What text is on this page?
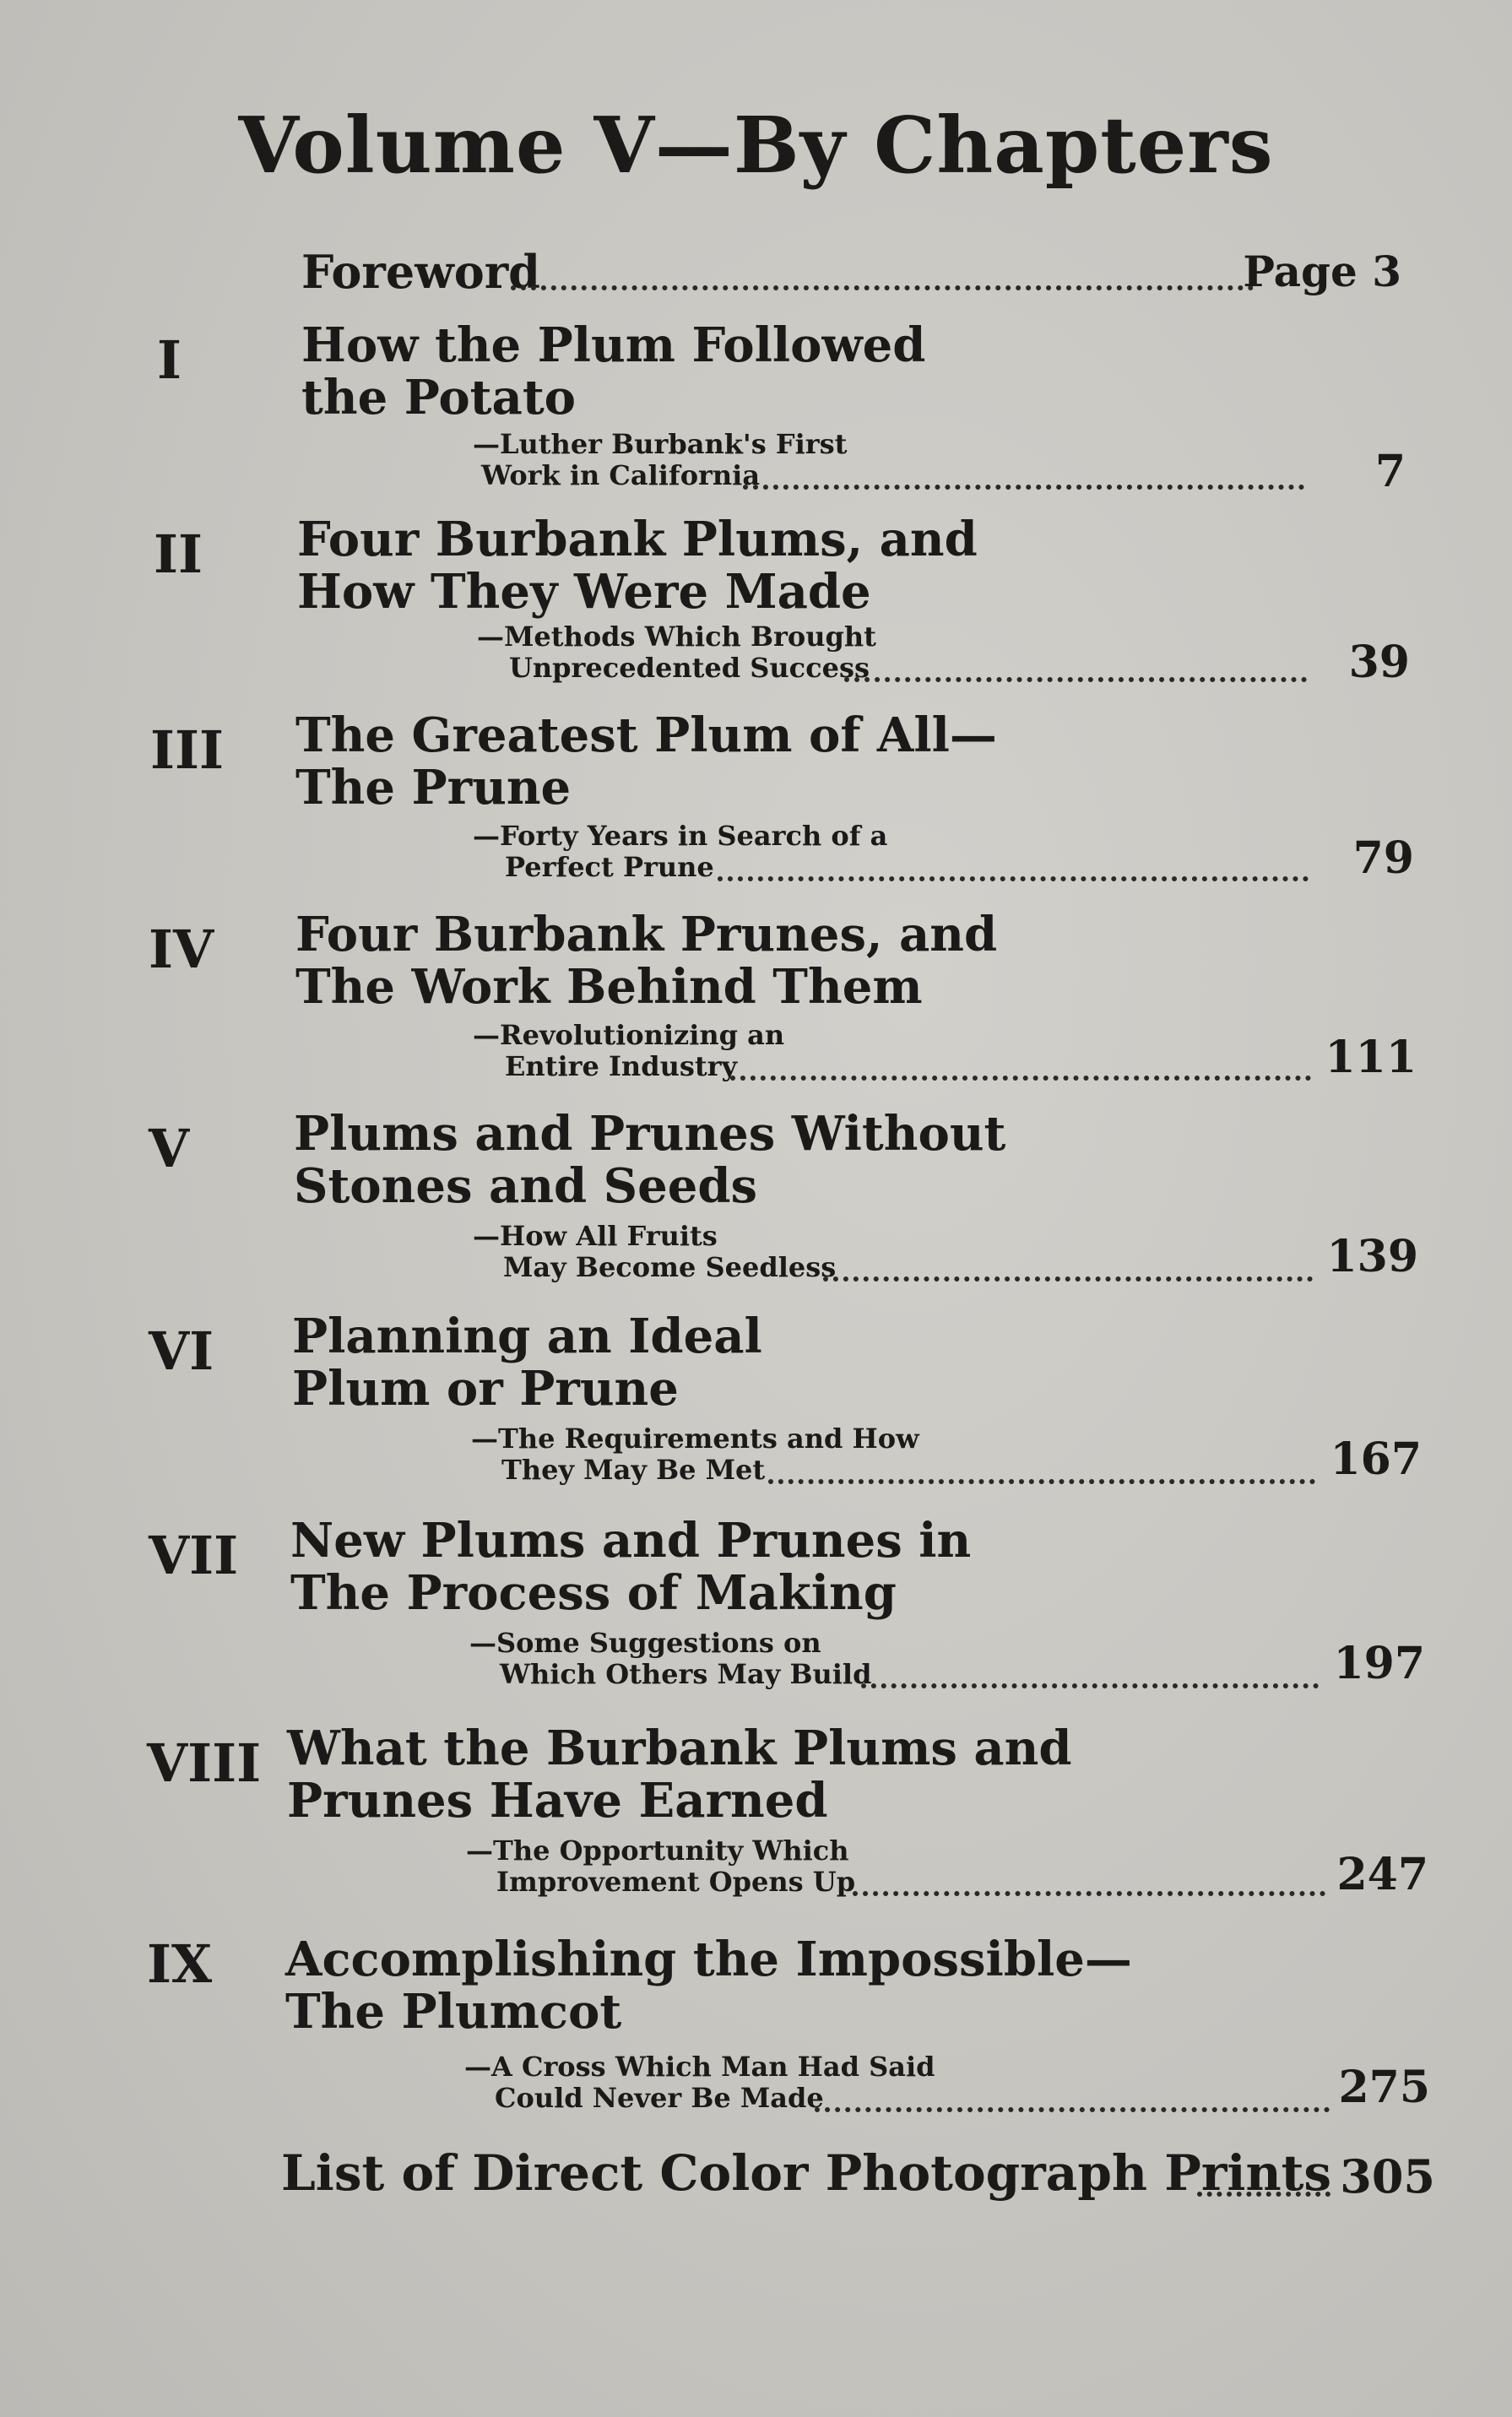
Volume V—By Chapters
Foreword	Page 3
I	How the Plum Followed
the Potato
—Luther Burbank's First
Work in California	7
II Four Burbank Plums, and
How They Were Made
—Methods Which Brought
Unprecedented Success	39
III The Greatest Plum of All—
The Prune
—Forty Years in Search of a
Perfect Prune	79
IV Four Burbank Prunes, and
The Work Behind Them
—Revolutionizing an
Entire Industry	111
V Plums and Prunes Without
Stones and Seeds
—How All Fruits
May Become Seedless	139
VI Planning an Ideal
Plum or Prune
—The Requirements and How
They May Be Met	167
VII New Plums and Prunes in
The Process of Making
—Some Suggestions on
Which Others May Build	197
VIII What the Burbank Plums and
Prunes Have Earned
—The Opportunity Which
Improvement Opens Up	247
IX Accomplishing the Impossible—
The Plumcot
—A Cross Which Man Had Said
Could Never Be Made	275
List of Direct Color Photograph Prints 305
